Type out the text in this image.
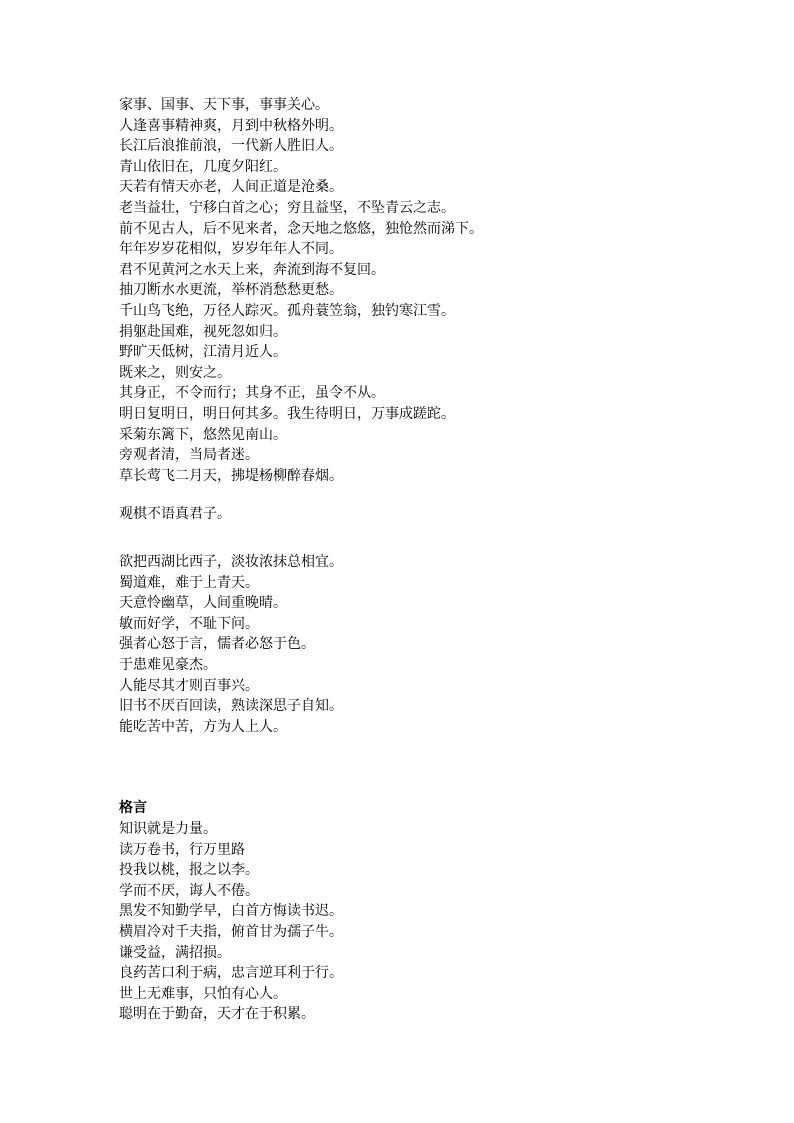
家事、国事、天下事，事事关心。
人逢喜事精神爽，月到中秋格外明。
长江后浪推前浪，一代新人胜旧人。
青山依旧在，几度夕阳红。
天若有情天亦老，人间正道是沧桑。
老当益壮，宁移白首之心；穷且益坚，不坠青云之志。
前不见古人，后不见来者，念天地之悠悠，独怆然而涕下。
年年岁岁花相似，岁岁年年人不同。
君不见黄河之水天上来，奔流到海不复回。
抽刀断水水更流，举杯消愁愁更愁。
千山鸟飞绝，万径人踪灭。孤舟蓑笠翁，独钓寒江雪。
捐躯赴国难，视死忽如归。
野旷天低树，江清月近人。
既来之，则安之。
其身正，不令而行；其身不正，虽令不从。
明日复明日，明日何其多。我生待明日，万事成蹉跎。
采菊东篱下，悠然见南山。
旁观者清，当局者迷。
草长莺飞二月天，拂堤杨柳醉春烟。
观棋不语真君子。
欲把西湖比西子，淡妆浓抹总相宜。
蜀道难，难于上青天。
天意怜幽草，人间重晚晴。
敏而好学，不耻下问。
强者心怒于言，懦者必怒于色。
于患难见豪杰。
人能尽其才则百事兴。
旧书不厌百回读，熟读深思子自知。
能吃苦中苦，方为人上人。
格言
知识就是力量。
读万卷书，行万里路
投我以桃，报之以李。
学而不厌，诲人不倦。
黑发不知勤学早，白首方悔读书迟。
横眉冷对千夫指，俯首甘为孺子牛。
谦受益，满招损。
良药苦口利于病，忠言逆耳利于行。
世上无难事，只怕有心人。
聪明在于勤奋，天才在于积累。
